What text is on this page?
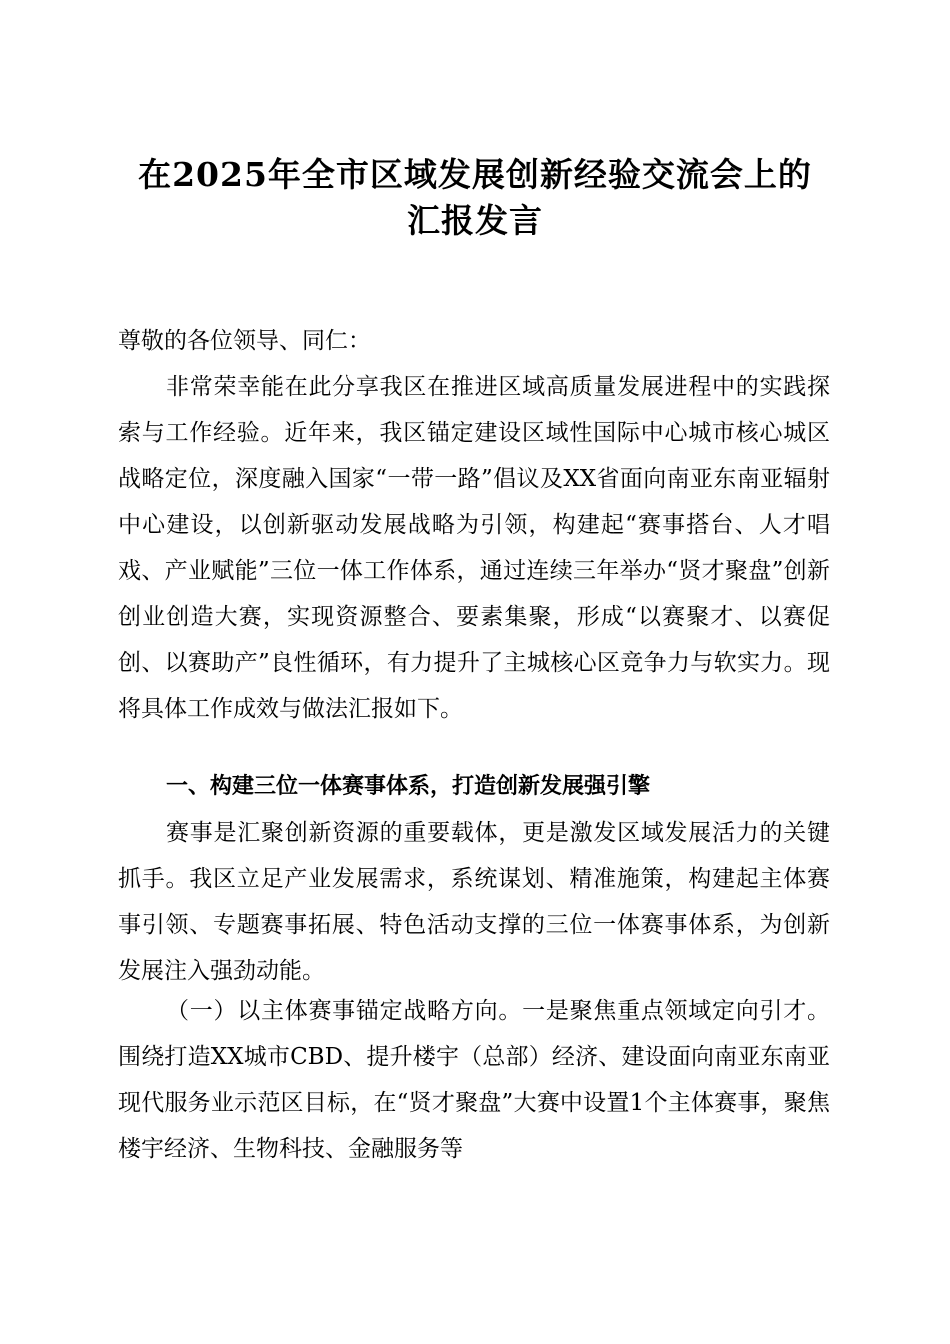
在2025年全市区域发展创新经验交流会上的
汇报发言
尊敬的各位领导、同仁：
非常荣幸能在此分享我区在推进区域高质量发展进程中的实践探索与工作经验。近年来，我区锚定建设区域性国际中心城市核心城区战略定位，深度融入国家“一带一路”倡议及XX省面向南亚东南亚辐射中心建设，以创新驱动发展战略为引领，构建起“赛事搭台、人才唱戏、产业赋能”三位一体工作体系，通过连续三年举办“贤才聚盘”创新创业创造大赛，实现资源整合、要素集聚，形成“以赛聚才、以赛促创、以赛助产”良性循环，有力提升了主城核心区竞争力与软实力。现将具体工作成效与做法汇报如下。
一、构建三位一体赛事体系，打造创新发展强引擎
赛事是汇聚创新资源的重要载体，更是激发区域发展活力的关键抓手。我区立足产业发展需求，系统谋划、精准施策，构建起主体赛事引领、专题赛事拓展、特色活动支撑的三位一体赛事体系，为创新发展注入强劲动能。
（一）以主体赛事锚定战略方向。一是聚焦重点领域定向引才。围绕打造XX城市CBD、提升楼宇（总部）经济、建设面向南亚东南亚现代服务业示范区目标，在“贤才聚盘”大赛中设置1个主体赛事，聚焦楼宇经济、生物科技、金融服务等
